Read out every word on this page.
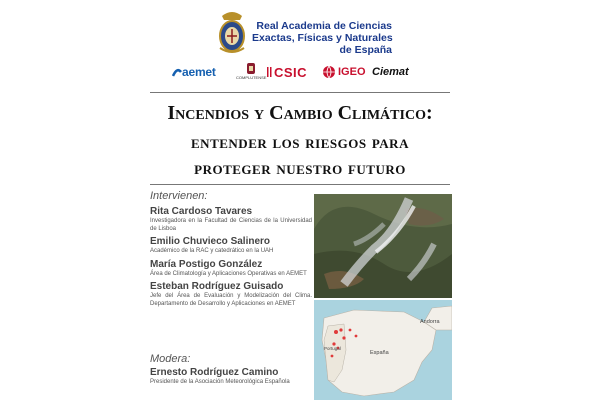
Real Academia de Ciencias
Exactas, Físicas y Naturales
de España
aemet	COMPLUTENSE CSIC	IGEO Ciemat
Incendios y Cambio Climático:
entender los riesgos para
proteger nuestro futuro
Intervienen:
Rita Cardoso Tavares
Investigadora en la Facultad de Ciencias de la Universidad de Lisboa
Emilio Chuvieco Salinero
Académico de la RAC y catedrático en la UAH
María Postigo González
Área de Climatología y Aplicaciones Operativas en AEMET
Esteban Rodríguez Guisado
Jefe del Área de Evaluación y Modelización del Clima. Departamento de Desarrollo y Aplicaciones en AEMET
Modera:
Ernesto Rodríguez Camino
Presidente de la Asociación Meteorológica Española
Andorra
España
Portugal
